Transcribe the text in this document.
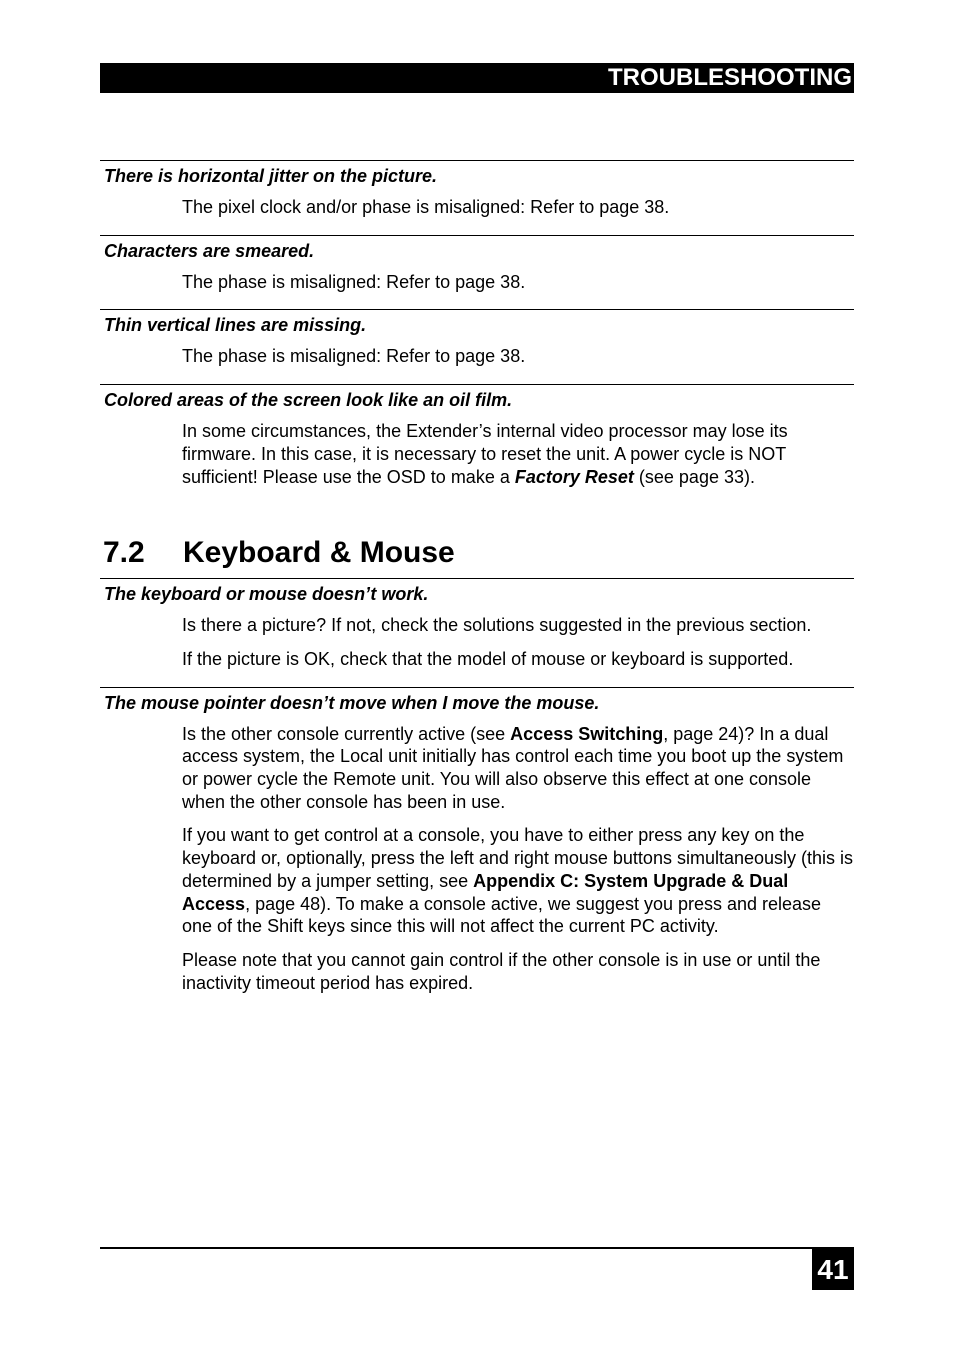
TROUBLESHOOTING
There is horizontal jitter on the picture.

The pixel clock and/or phase is misaligned: Refer to page 38.

Characters are smeared.

The phase is misaligned: Refer to page 38.

Thin vertical lines are missing.

The phase is misaligned: Refer to page 38.

Colored areas of the screen look like an oil film.

In some circumstances, the Extender’s internal video processor may lose its firmware. In this case, it is necessary to reset the unit. A power cycle is NOT sufficient! Please use the OSD to make a Factory Reset (see page 33).

7.2	Keyboard & Mouse
The keyboard or mouse doesn’t work.

Is there a picture? If not, check the solutions suggested in the previous section.

If the picture is OK, check that the model of mouse or keyboard is supported.

The mouse pointer doesn’t move when I move the mouse.

Is the other console currently active (see Access Switching, page 24)? In a dual access system, the Local unit initially has control each time you boot up the system or power cycle the Remote unit. You will also observe this effect at one console when the other console has been in use.

If you want to get control at a console, you have to either press any key on the keyboard or, optionally, press the left and right mouse buttons simultaneously (this is determined by a jumper setting, see Appendix C: System Upgrade & Dual Access, page 48). To make a console active, we suggest you press and release one of the Shift keys since this will not affect the current PC activity.

Please note that you cannot gain control if the other console is in use or until the inactivity timeout period has expired.

41
